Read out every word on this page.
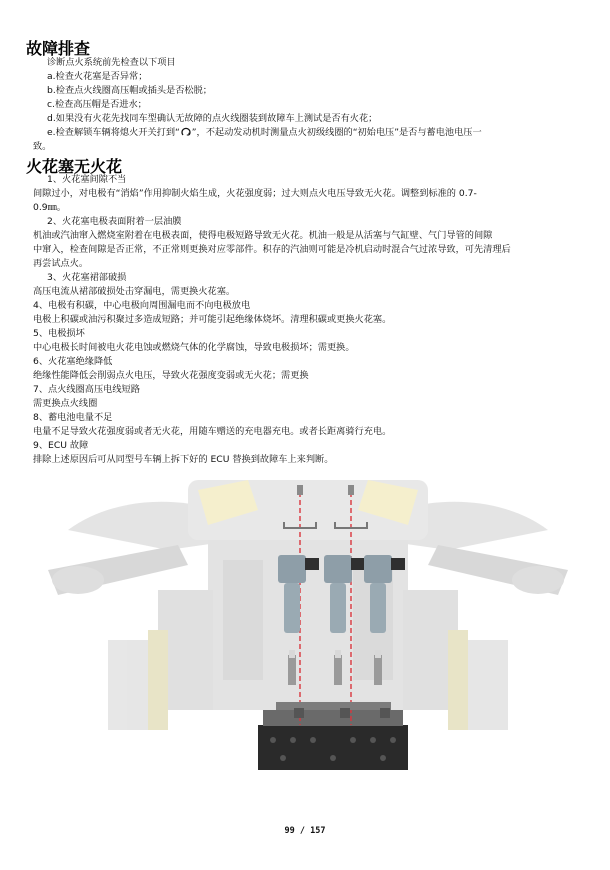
故障排查
诊断点火系统前先检查以下项目
a.检查火花塞是否异常；
b.检查点火线圈高压帽或插头是否松脱；
c.检查高压帽是否进水；
d.如果没有火花先找同车型确认无故障的点火线圈装到故障车上测试是否有火花；
e.检查解锁车辆将熄火开关打到“ ”，不起动发动机时测量点火初级线圈的“初始电压”是否与蓄电池电压一
致。
火花塞无火花
1、火花塞间隙不当
间隙过小，对电极有“消焰”作用抑制火焰生成，火花强度弱；过大则点火电压导致无火花。调整到标准的 0.7-
0.9㎜。
2、火花塞电极表面附着一层油膜
机油或汽油窜入燃烧室附着在电极表面，使得电极短路导致无火花。机油一般是从活塞与气缸壁、气门导管的间隙
中窜入，检查间隙是否正常，不正常则更换对应零部件。积存的汽油则可能是冷机启动时混合气过浓导致，可先清理后
再尝试点火。
3、火花塞裙部破损
高压电流从裙部破损处击穿漏电，需更换火花塞。
4、电极有积碳，中心电极向周围漏电而不向电极放电
电极上积碳或油污积聚过多造成短路；并可能引起绝缘体烧坏。清理积碳或更换火花塞。
5、电极损坏
中心电极长时间被电火花电蚀或燃烧气体的化学腐蚀，导致电极损坏；需更换。
6、火花塞绝缘降低
绝缘性能降低会削弱点火电压，导致火花强度变弱或无火花；需更换
7、点火线圈高压电线短路
需更换点火线圈
8、蓄电池电量不足
电量不足导致火花强度弱或者无火花，用随车赠送的充电器充电。或者长距离骑行充电。
9、ECU 故障
排除上述原因后可从同型号车辆上拆下好的 ECU 替换到故障车上来判断。
99 / 157
